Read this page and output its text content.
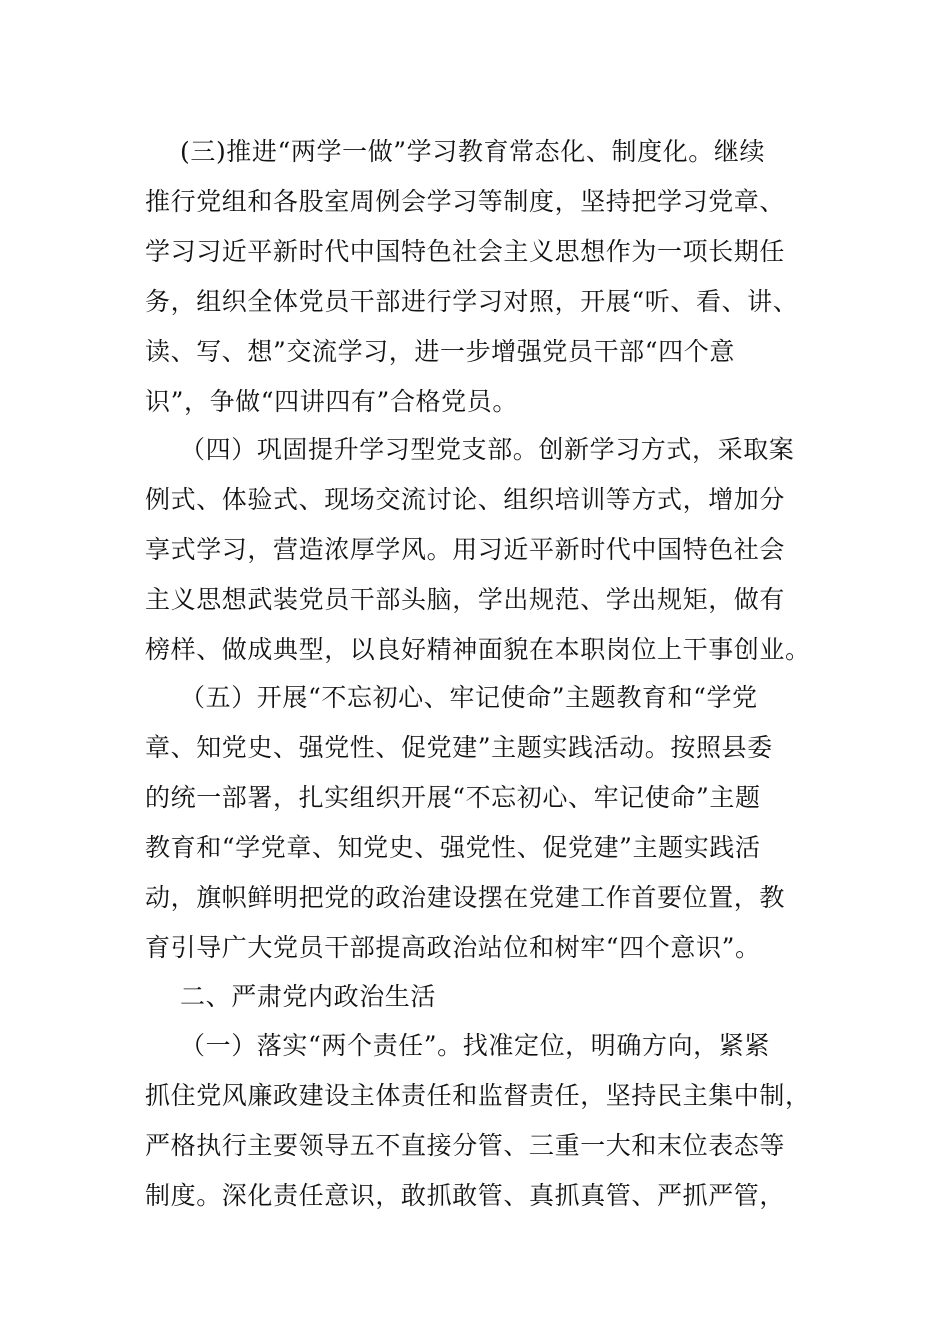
(三)推进“两学一做”学习教育常态化、制度化。继续
推行党组和各股室周例会学习等制度，坚持把学习党章、
学习习近平新时代中国特色社会主义思想作为一项长期任
务，组织全体党员干部进行学习对照，开展“听、看、讲、
读、写、想”交流学习，进一步增强党员干部“四个意
识”，争做“四讲四有”合格党员。
（四）巩固提升学习型党支部。创新学习方式，采取案
例式、体验式、现场交流讨论、组织培训等方式，增加分
享式学习，营造浓厚学风。用习近平新时代中国特色社会
主义思想武装党员干部头脑，学出规范、学出规矩，做有
榜样、做成典型，以良好精神面貌在本职岗位上干事创业。
（五）开展“不忘初心、牢记使命”主题教育和“学党
章、知党史、强党性、促党建”主题实践活动。按照县委
的统一部署，扎实组织开展“不忘初心、牢记使命”主题
教育和“学党章、知党史、强党性、促党建”主题实践活
动，旗帜鲜明把党的政治建设摆在党建工作首要位置，教
育引导广大党员干部提高政治站位和树牢“四个意识”。
二、严肃党内政治生活
（一）落实“两个责任”。找准定位，明确方向，紧紧
抓住党风廉政建设主体责任和监督责任，坚持民主集中制，
严格执行主要领导五不直接分管、三重一大和末位表态等
制度。深化责任意识，敢抓敢管、真抓真管、严抓严管，
